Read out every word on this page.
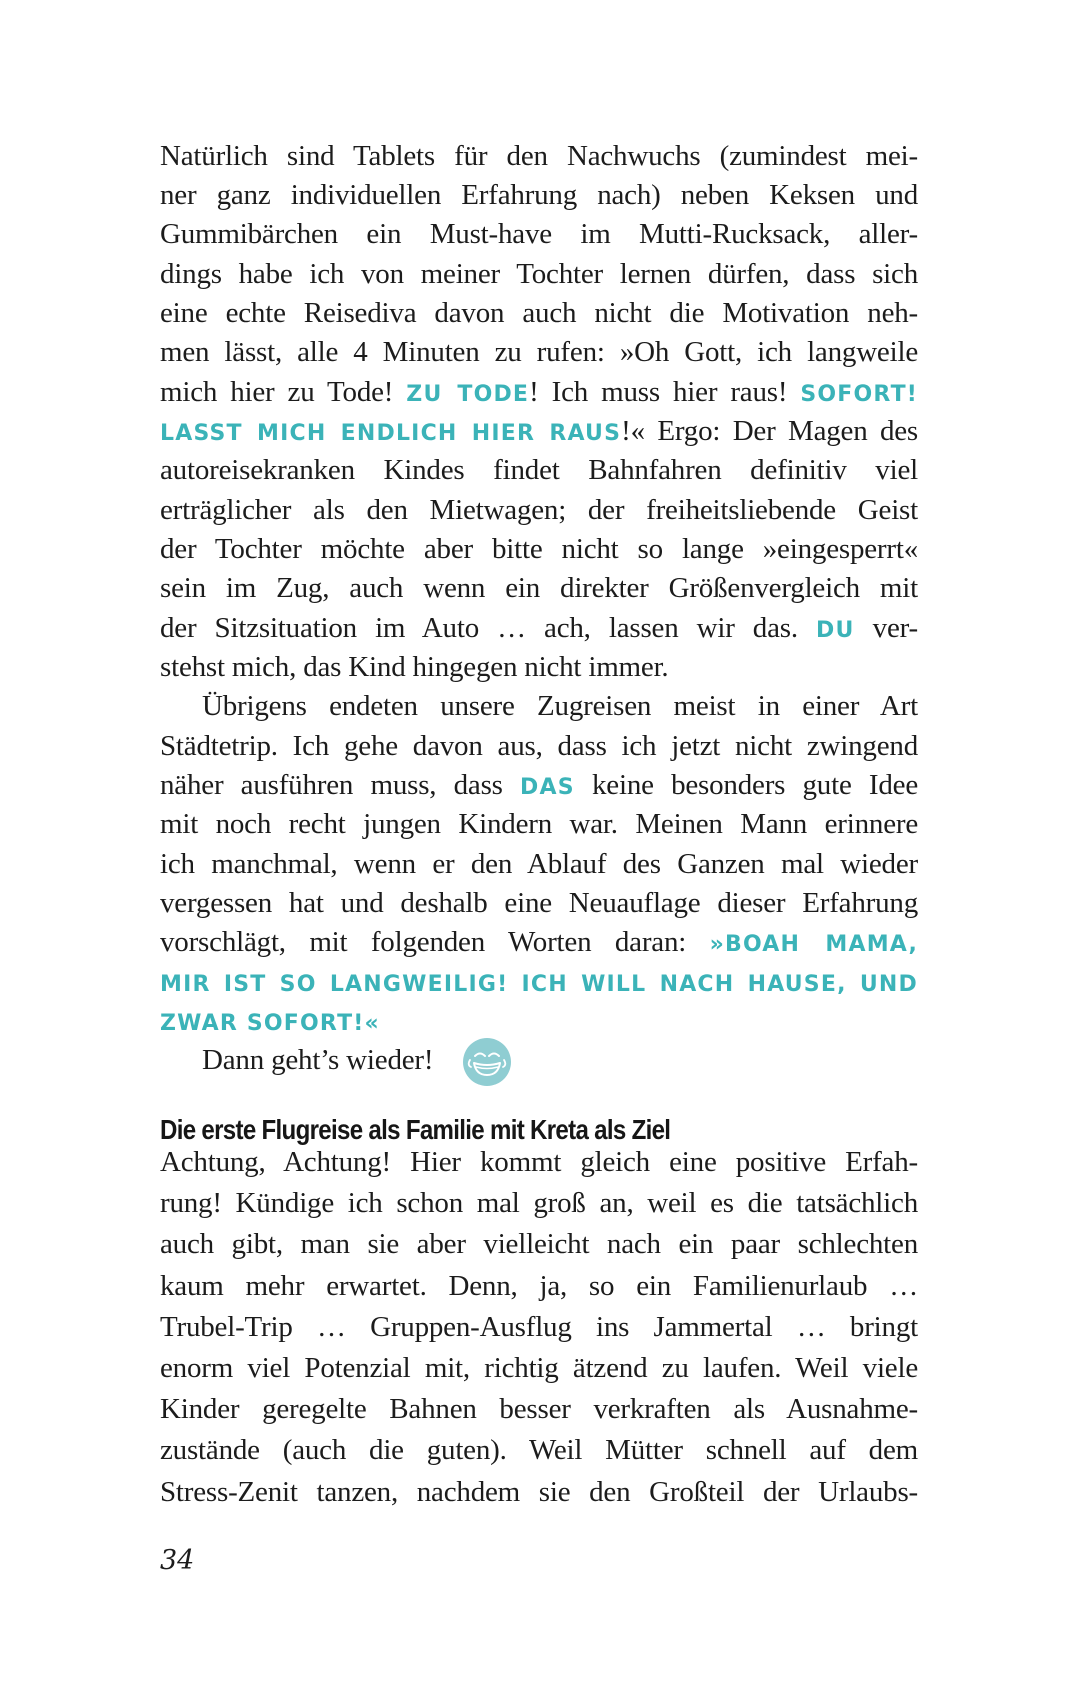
Natürlich sind Tablets für den Nachwuchs (zumindest mei-
ner ganz individuellen Erfahrung nach) neben Keksen und
Gummibärchen ein Must-have im Mutti-Rucksack, aller-
dings habe ich von meiner Tochter lernen dürfen, dass sich
eine echte Reisediva davon auch nicht die Motivation neh-
men lässt, alle 4 Minuten zu rufen: »Oh Gott, ich langweile
mich hier zu Tode! ZU TODE! Ich muss hier raus! SOFORT!
LASST MICH ENDLICH HIER RAUS!« Ergo: Der Magen des
autoreisekranken Kindes findet Bahnfahren definitiv viel
erträglicher als den Mietwagen; der freiheitsliebende Geist
der Tochter möchte aber bitte nicht so lange »eingesperrt«
sein im Zug, auch wenn ein direkter Größenvergleich mit
der Sitzsituation im Auto … ach, lassen wir das. DU ver-
stehst mich, das Kind hingegen nicht immer.
Übrigens endeten unsere Zugreisen meist in einer Art
Städtetrip. Ich gehe davon aus, dass ich jetzt nicht zwingend
näher ausführen muss, dass DAS keine besonders gute Idee
mit noch recht jungen Kindern war. Meinen Mann erinnere
ich manchmal, wenn er den Ablauf des Ganzen mal wieder
vergessen hat und deshalb eine Neuauflage dieser Erfahrung
vorschlägt, mit folgenden Worten daran: »BOAH MAMA,
MIR IST SO LANGWEILIG! ICH WILL NACH HAUSE, UND
ZWAR SOFORT!«
Dann geht’s wieder!
Die erste Flugreise als Familie mit Kreta als Ziel
Achtung, Achtung! Hier kommt gleich eine positive Erfah-
rung! Kündige ich schon mal groß an, weil es die tatsächlich
auch gibt, man sie aber vielleicht nach ein paar schlechten
kaum mehr erwartet. Denn, ja, so ein Familienurlaub …
Trubel-Trip … Gruppen-Ausflug ins Jammertal … bringt
enorm viel Potenzial mit, richtig ätzend zu laufen. Weil viele
Kinder geregelte Bahnen besser verkraften als Ausnahme-
zustände (auch die guten). Weil Mütter schnell auf dem
Stress-Zenit tanzen, nachdem sie den Großteil der Urlaubs-
34
